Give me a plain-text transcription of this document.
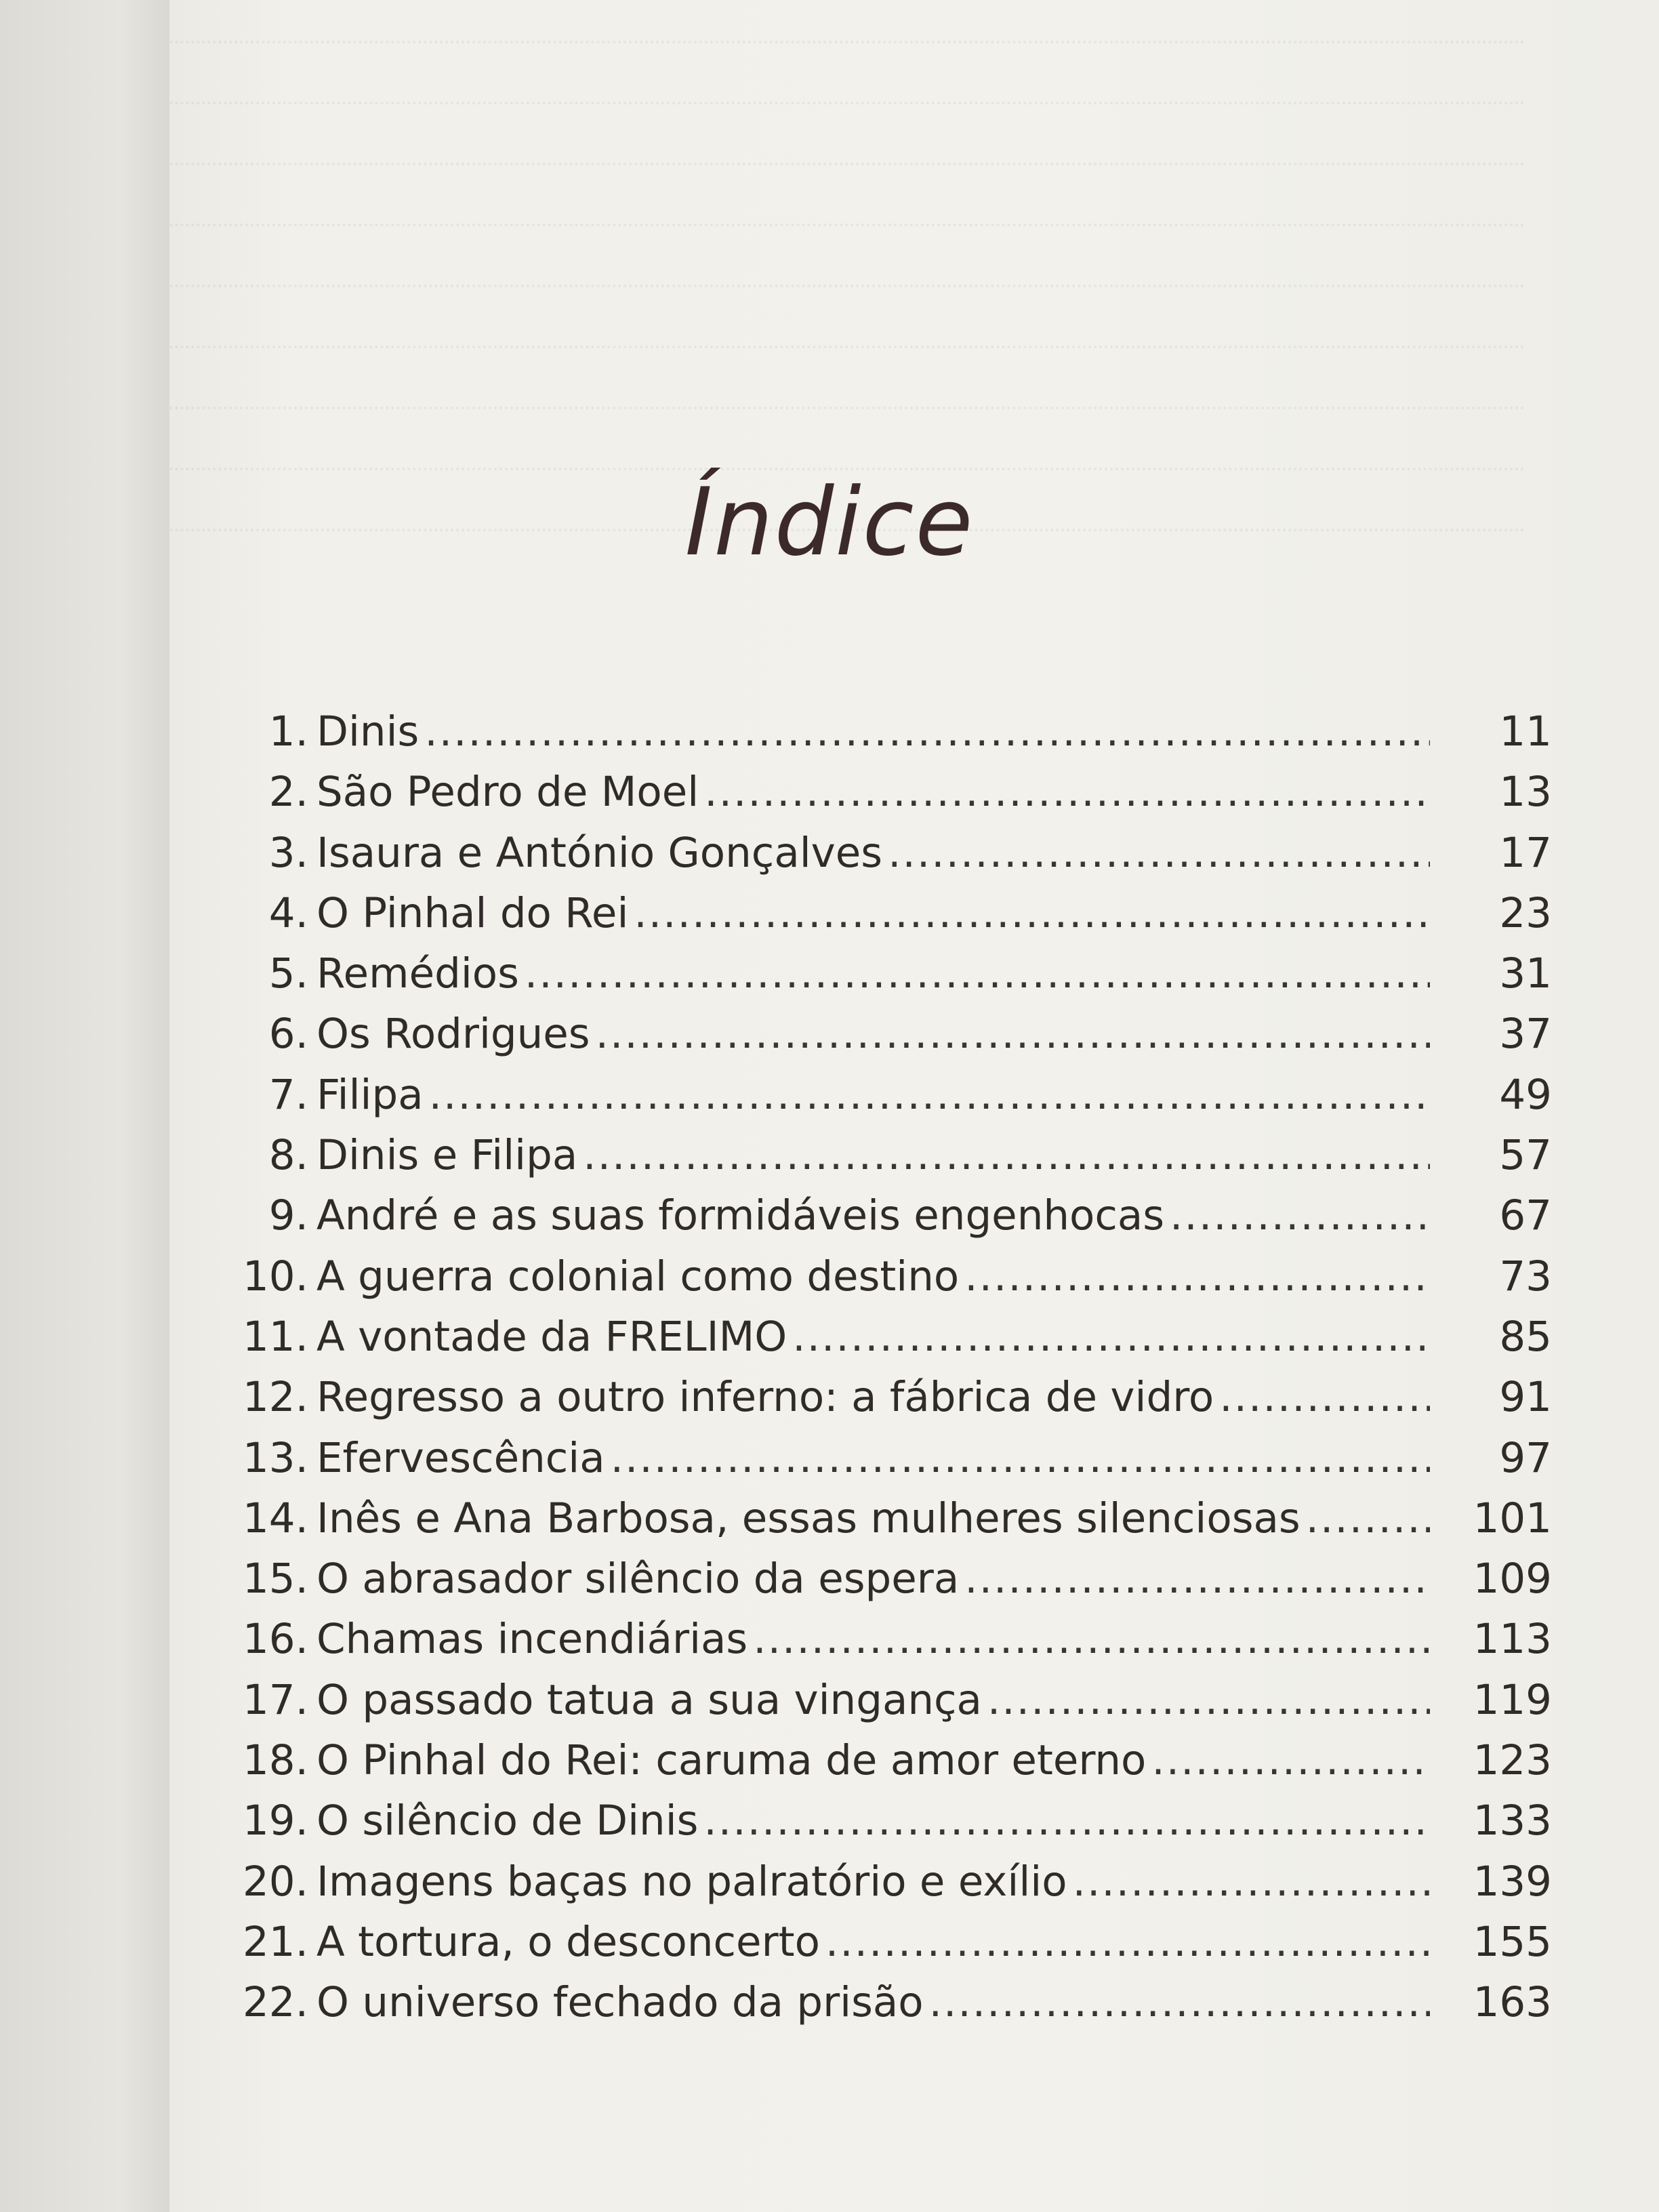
Índice
1. Dinis .....	11
2. São Pedro de Moel .....	13
3. Isaura e António Gonçalves .....	17
4. O Pinhal do Rei .....	23
5. Remédios .....	31
6. Os Rodrigues .....	37
7. Filipa .....	49
8. Dinis e Filipa .....	57
9. André e as suas formidáveis engenhocas .....	67
10. A guerra colonial como destino .....	73
11. A vontade da FRELIMO .....	85
12. Regresso a outro inferno: a fábrica de vidro .....	91
13. Efervescência .....	97
14. Inês e Ana Barbosa, essas mulheres silenciosas .....	101
15. O abrasador silêncio da espera .....	109
16. Chamas incendiárias .....	113
17. O passado tatua a sua vingança .....	119
18. O Pinhal do Rei: caruma de amor eterno .....	123
19. O silêncio de Dinis .....	133
20. Imagens baças no palratório e exílio .....	139
21. A tortura, o desconcerto .....	155
22. O universo fechado da prisão .....	163
